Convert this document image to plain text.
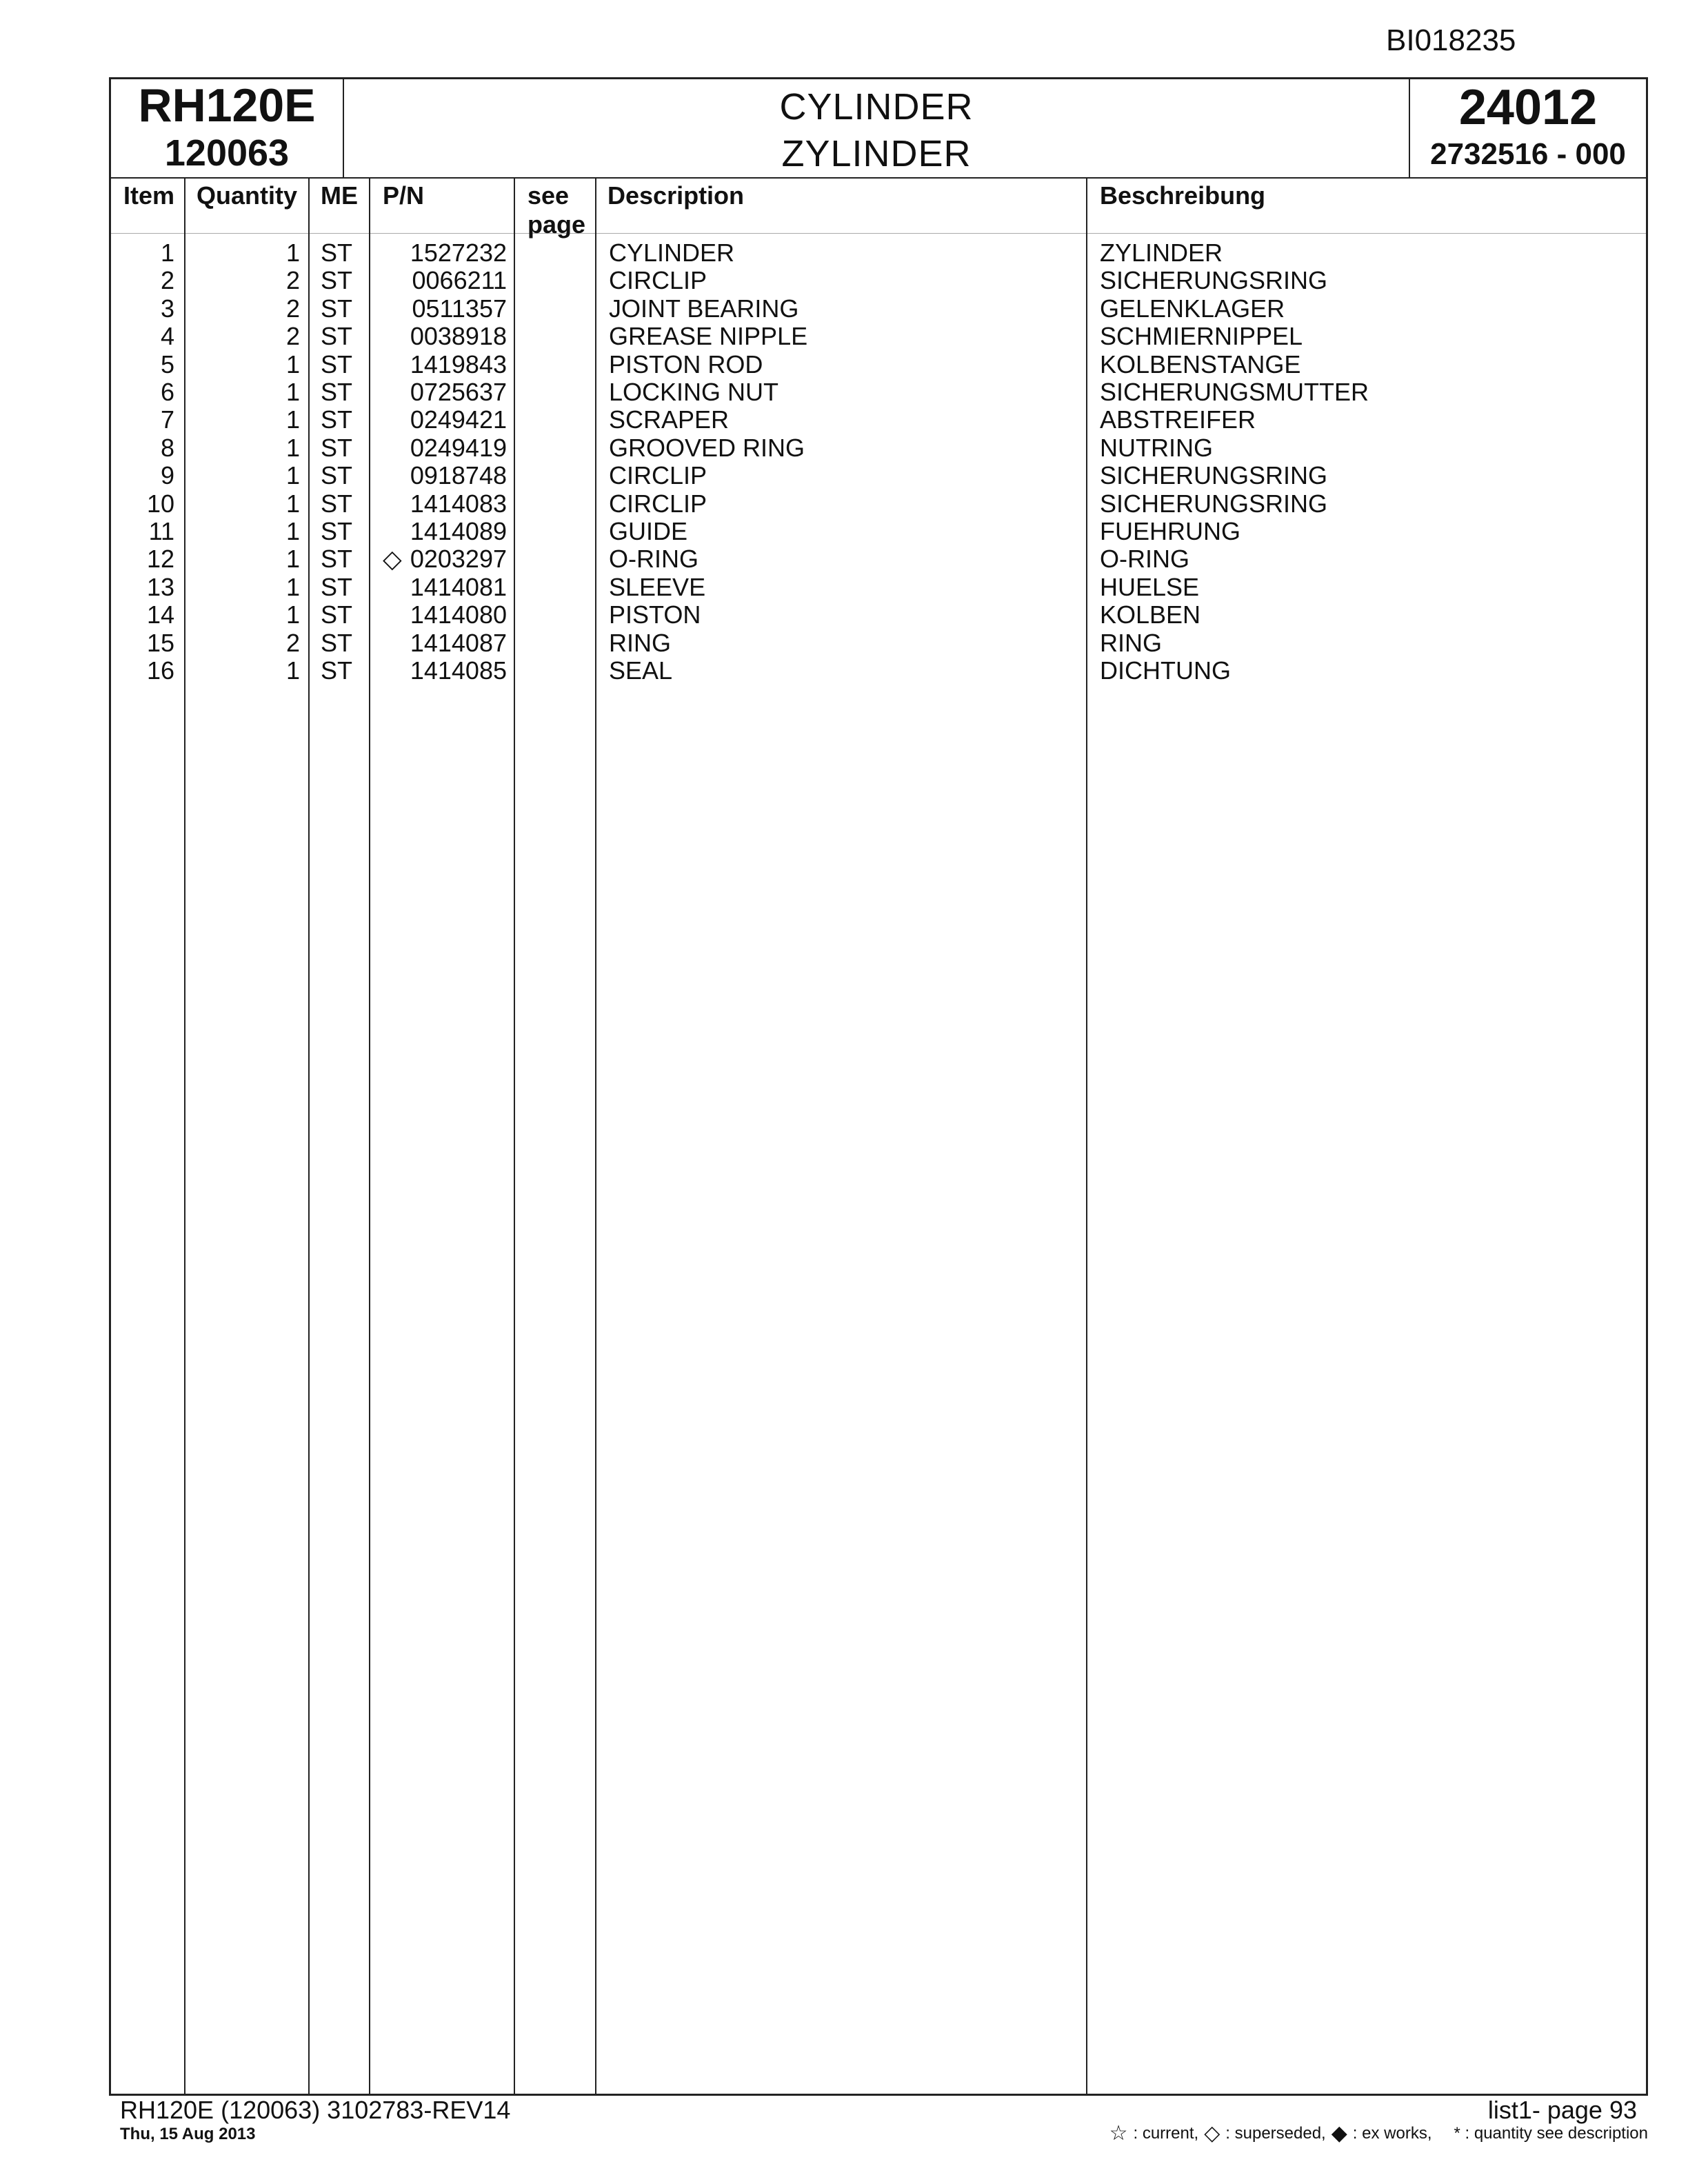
BI018235
RH120E
120063
CYLINDER
ZYLINDER
24012
2732516 - 000
Item Quantity ME P/N	see
page
Description	Beschreibung
1	1 ST 1527232	CYLINDER	ZYLINDER
2	2 ST 0066211	CIRCLIP	SICHERUNGSRING
3	2 ST 0511357	JOINT BEARING	GELENKLAGER
4	2 ST 0038918	GREASE NIPPLE	SCHMIERNIPPEL
5	1 ST 1419843	PISTON ROD	KOLBENSTANGE
6	1 ST 0725637	LOCKING NUT	SICHERUNGSMUTTER
7	1 ST 0249421	SCRAPER	ABSTREIFER
8	1 ST 0249419	GROOVED RING	NUTRING
9	1 ST 0918748	CIRCLIP	SICHERUNGSRING
10	1 ST 1414083	CIRCLIP	SICHERUNGSRING
11	1 ST 1414089	GUIDE	FUEHRUNG
12	1 ST ◇ 0203297	O-RING	O-RING
13	1 ST 1414081	SLEEVE	HUELSE
14	1 ST 1414080	PISTON	KOLBEN
15	2 ST 1414087	RING	RING
16	1 ST 1414085	SEAL	DICHTUNG
RH120E (120063) 3102783-REV14
Thu, 15 Aug 2013
list1- page 93
☆ : current, ◇ : superseded, ◆ : ex works, * : quantity see description
